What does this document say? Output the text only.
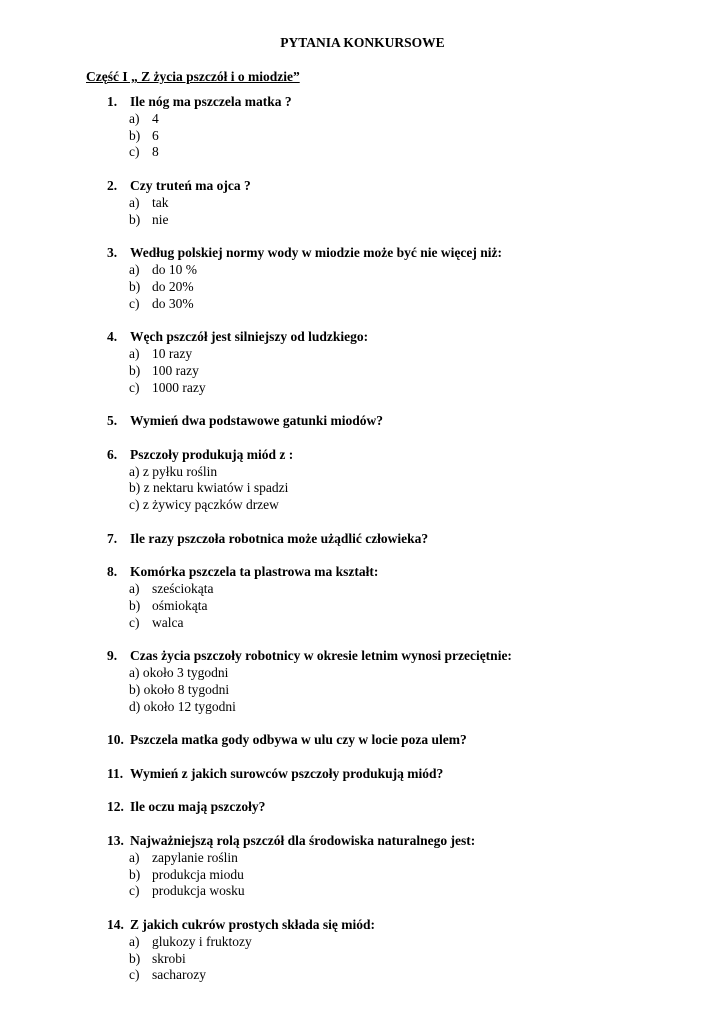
PYTANIA KONKURSOWE
Część I „ Z życia pszczół i o miodzie”
1. Ile nóg ma pszczela matka ?
a) 4
b) 6
c) 8
2. Czy truteń ma ojca ?
a) tak
b) nie
3. Według polskiej normy wody w miodzie może być nie więcej niż:
a) do 10 %
b) do 20%
c) do 30%
4. Węch pszczół jest silniejszy od ludzkiego:
a) 10 razy
b) 100 razy
c) 1000 razy
5. Wymień dwa podstawowe gatunki miodów?
6. Pszczoły produkują miód z :
a) z pyłku roślin
b) z nektaru kwiatów i spadzi
c) z żywicy pączków drzew
7. Ile razy pszczoła robotnica może użądlić człowieka?
8. Komórka pszczela ta plastrowa ma kształt:
a) sześciokąta
b) ośmiokąta
c) walca
9. Czas życia pszczoły robotnicy w okresie letnim wynosi przeciętnie:
a) około 3 tygodni
b) około 8 tygodni
d) około 12 tygodni
10. Pszczela matka gody odbywa w ulu czy w locie poza ulem?
11. Wymień z jakich surowców pszczoły produkują miód?
12. Ile oczu mają pszczoły?
13. Najważniejszą rolą pszczół dla środowiska naturalnego jest:
a) zapylanie roślin
b) produkcja miodu
c) produkcja wosku
14. Z jakich cukrów prostych składa się miód:
a) glukozy i fruktozy
b) skrobi
c) sacharozy
